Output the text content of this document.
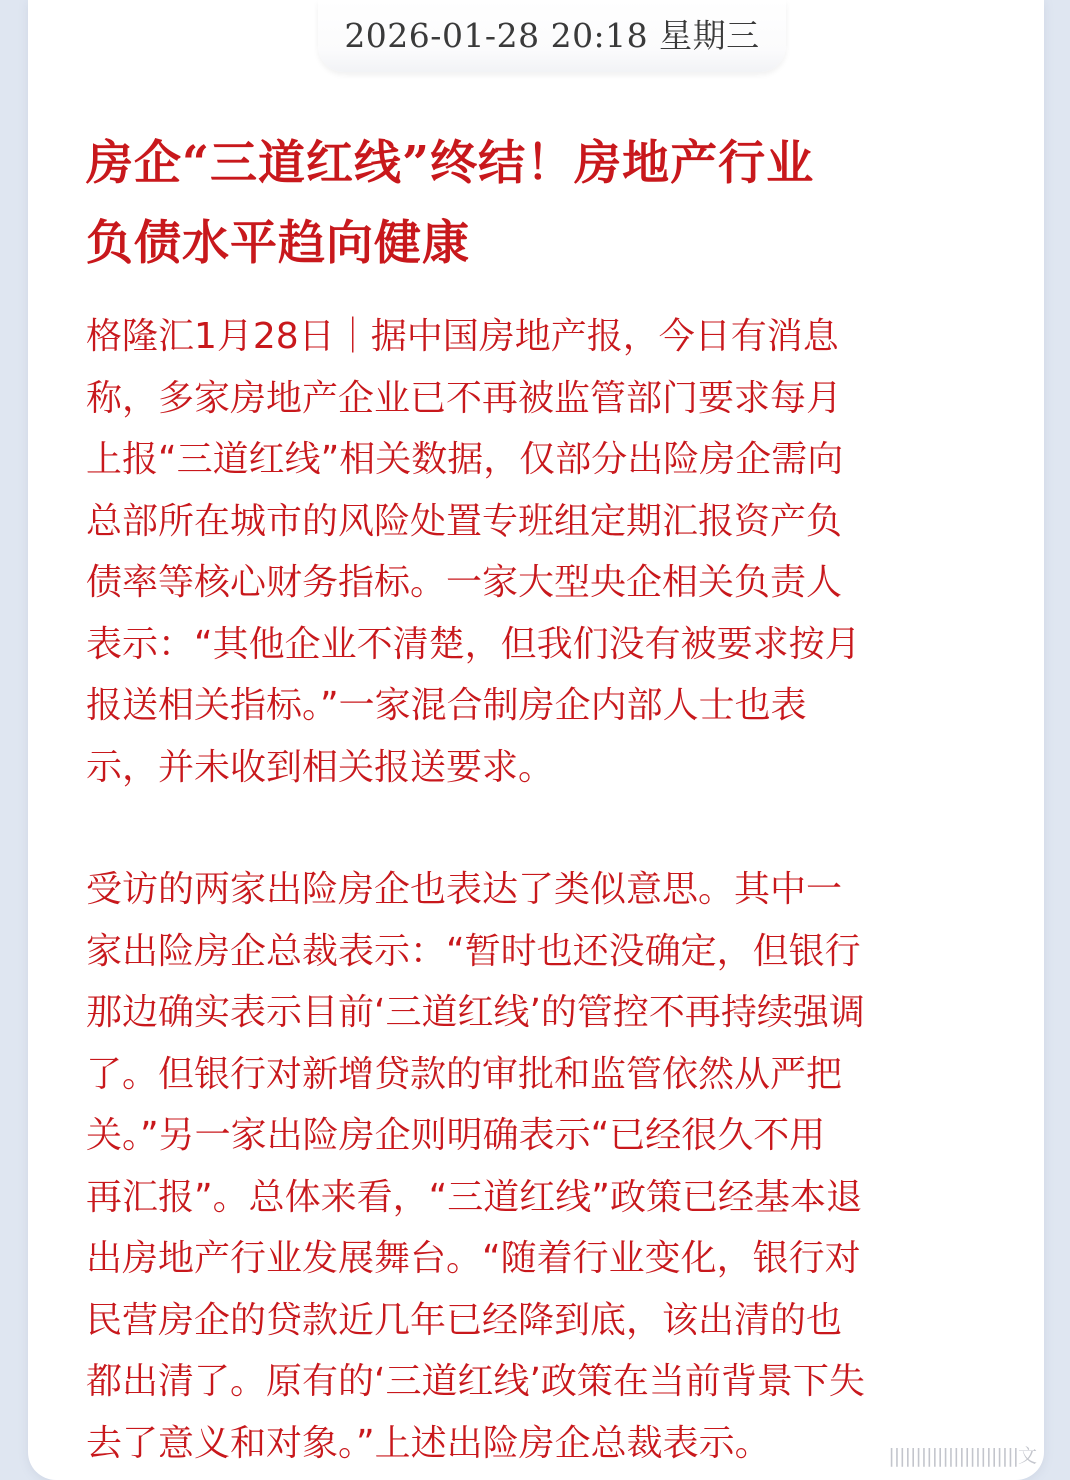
2026-01-28 20:18 星期三
房企“三道红线”终结！房地产行业
负债水平趋向健康

格隆汇1月28日｜据中国房地产报，今日有消息
称，多家房地产企业已不再被监管部门要求每月
上报“三道红线”相关数据，仅部分出险房企需向
总部所在城市的风险处置专班组定期汇报资产负
债率等核心财务指标。一家大型央企相关负责人
表示：“其他企业不清楚，但我们没有被要求按月
报送相关指标。”一家混合制房企内部人士也表
示，并未收到相关报送要求。

受访的两家出险房企也表达了类似意思。其中一
家出险房企总裁表示：“暂时也还没确定，但银行
那边确实表示目前‘三道红线’的管控不再持续强调
了。但银行对新增贷款的审批和监管依然从严把
关。”另一家出险房企则明确表示“已经很久不用
再汇报”。总体来看，“三道红线”政策已经基本退
出房地产行业发展舞台。“随着行业变化，银行对
民营房企的贷款近几年已经降到底，该出清的也
都出清了。原有的‘三道红线’政策在当前背景下失
去了意义和对象。”上述出险房企总裁表示。	||||||||||||||||||||||||文
